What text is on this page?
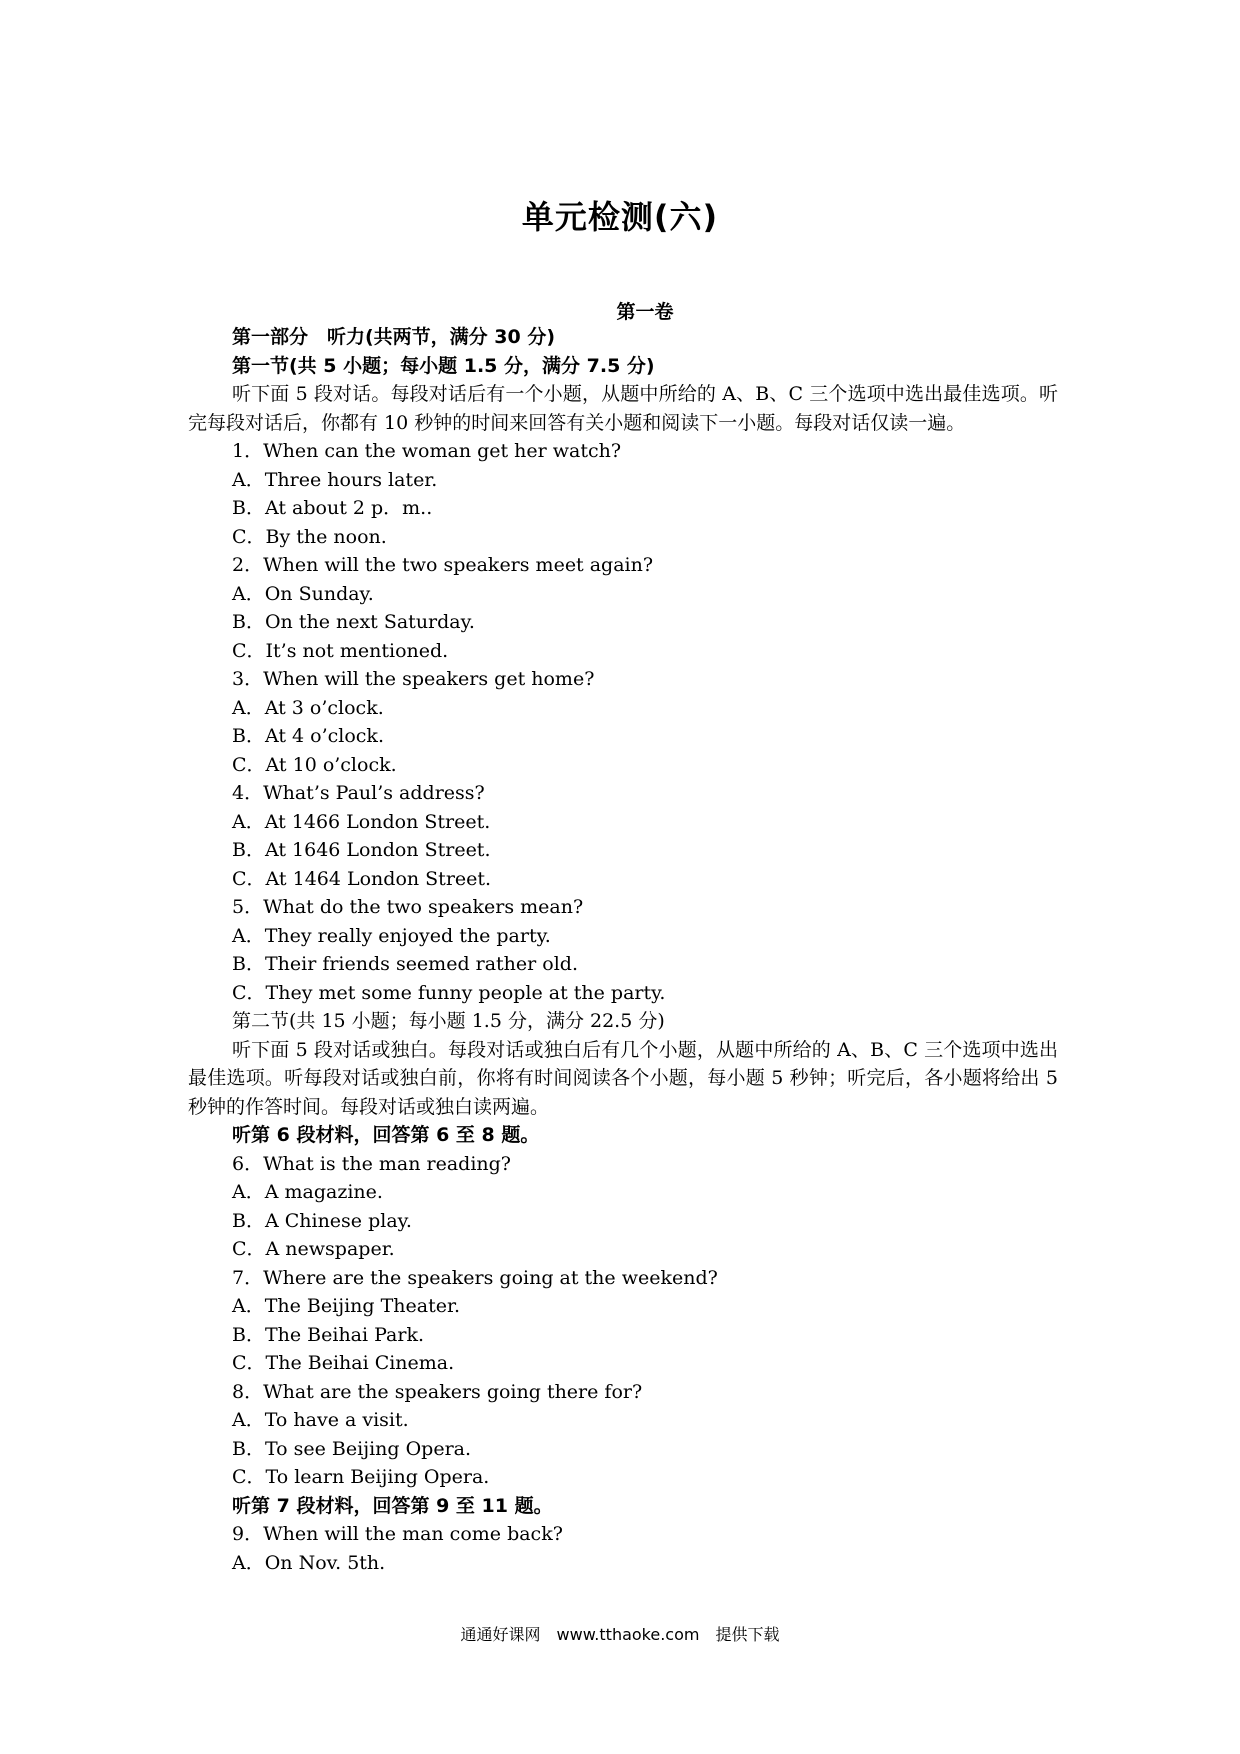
单元检测(六)
第一卷
第一部分　听力(共两节，满分 30 分)
第一节(共 5 小题；每小题 1.5 分，满分 7.5 分)
听下面 5 段对话。每段对话后有一个小题，从题中所给的 A、B、C 三个选项中选出最佳选项。听完每段对话后，你都有 10 秒钟的时间来回答有关小题和阅读下一小题。每段对话仅读一遍。
1．When can the woman get her watch?
A．Three hours later.
B．At about 2 p．m..
C．By the noon.
2．When will the two speakers meet again?
A．On Sunday.
B．On the next Saturday.
C．It’s not mentioned.
3．When will the speakers get home?
A．At 3 o’clock.
B．At 4 o’clock.
C．At 10 o’clock.
4．What’s Paul’s address?
A．At 1466 London Street.
B．At 1646 London Street.
C．At 1464 London Street.
5．What do the two speakers mean?
A．They really enjoyed the party.
B．Their friends seemed rather old.
C．They met some funny people at the party.
第二节(共 15 小题；每小题 1.5 分，满分 22.5 分)
听下面 5 段对话或独白。每段对话或独白后有几个小题，从题中所给的 A、B、C 三个选项中选出最佳选项。听每段对话或独白前，你将有时间阅读各个小题，每小题 5 秒钟；听完后，各小题将给出 5 秒钟的作答时间。每段对话或独白读两遍。
听第 6 段材料，回答第 6 至 8 题。
6．What is the man reading?
A．A magazine.
B．A Chinese play.
C．A newspaper.
7．Where are the speakers going at the weekend?
A．The Beijing Theater.
B．The Beihai Park.
C．The Beihai Cinema.
8．What are the speakers going there for?
A．To have a visit.
B．To see Beijing Opera.
C．To learn Beijing Opera.
听第 7 段材料，回答第 9 至 11 题。
9．When will the man come back?
A．On Nov. 5th.
通通好课网　www.tthaoke.com　提供下载
